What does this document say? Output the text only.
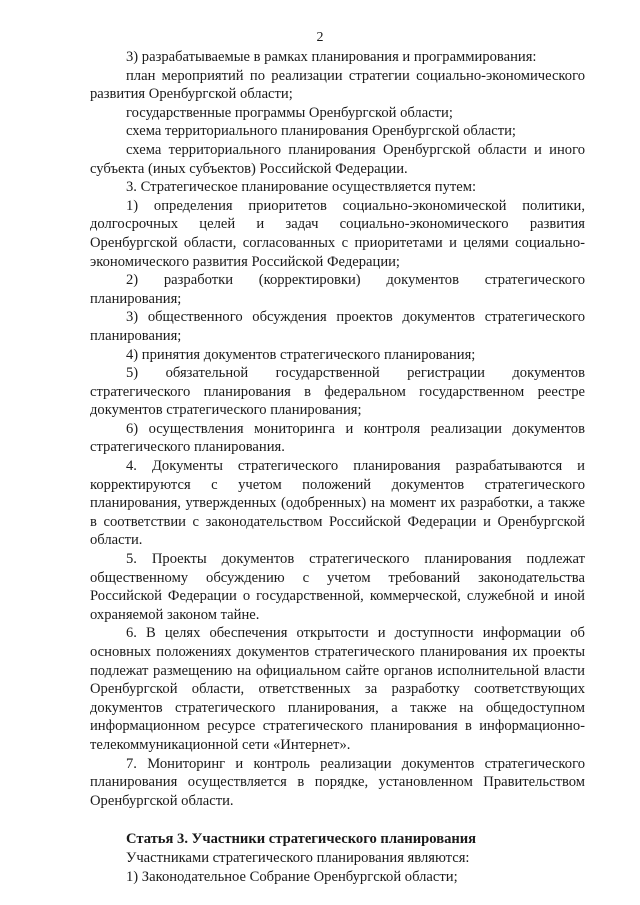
2

3) разрабатываемые в рамках планирования и программирования:

план мероприятий по реализации стратегии социально-экономического развития Оренбургской области;

государственные программы Оренбургской области;

схема территориального планирования Оренбургской области;

схема территориального планирования Оренбургской области и иного субъекта (иных субъектов) Российской Федерации.

3. Стратегическое планирование осуществляется путем:

1) определения приоритетов социально-экономической политики, долгосрочных целей и задач социально-экономического развития Оренбургской области, согласованных с приоритетами и целями социально-экономического развития Российской Федерации;

2) разработки (корректировки) документов стратегического планирования;

3) общественного обсуждения проектов документов стратегического планирования;

4) принятия документов стратегического планирования;

5) обязательной государственной регистрации документов стратегического планирования в федеральном государственном реестре документов стратегического планирования;

6) осуществления мониторинга и контроля реализации документов стратегического планирования.

4. Документы стратегического планирования разрабатываются и корректируются с учетом положений документов стратегического планирования, утвержденных (одобренных) на момент их разработки, а также в соответствии с законодательством Российской Федерации и Оренбургской области.

5. Проекты документов стратегического планирования подлежат общественному обсуждению с учетом требований законодательства Российской Федерации о государственной, коммерческой, служебной и иной охраняемой законом тайне.

6. В целях обеспечения открытости и доступности информации об основных положениях документов стратегического планирования их проекты подлежат размещению на официальном сайте органов исполнительной власти Оренбургской области, ответственных за разработку соответствующих документов стратегического планирования, а также на общедоступном информационном ресурсе стратегического планирования в информационно-телекоммуникационной сети «Интернет».

7. Мониторинг и контроль реализации документов стратегического планирования осуществляется в порядке, установленном Правительством Оренбургской области.

Статья 3. Участники стратегического планирования

Участниками стратегического планирования являются:

1) Законодательное Собрание Оренбургской области;
